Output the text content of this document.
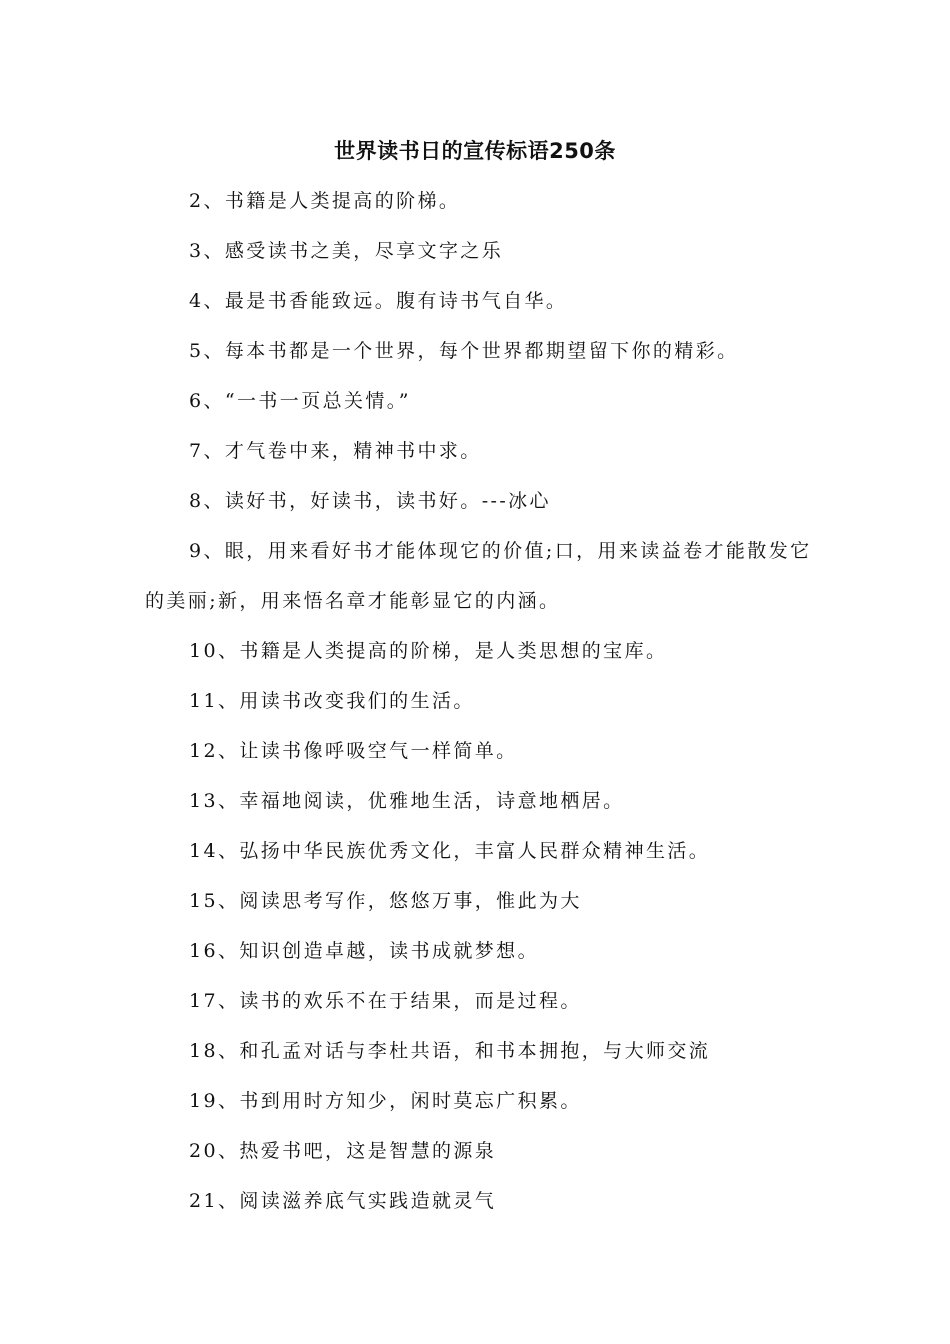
世界读书日的宣传标语250条

2、书籍是人类提高的阶梯。

3、感受读书之美，尽享文字之乐

4、最是书香能致远。腹有诗书气自华。

5、每本书都是一个世界，每个世界都期望留下你的精彩。

6、“一书一页总关情。”

7、才气卷中来，精神书中求。

8、读好书，好读书，读书好。---冰心

9、眼，用来看好书才能体现它的价值;口，用来读益卷才能散发它的美丽;新，用来悟名章才能彰显它的内涵。

10、书籍是人类提高的阶梯，是人类思想的宝库。

11、用读书改变我们的生活。

12、让读书像呼吸空气一样简单。

13、幸福地阅读，优雅地生活，诗意地栖居。

14、弘扬中华民族优秀文化，丰富人民群众精神生活。

15、阅读思考写作，悠悠万事，惟此为大

16、知识创造卓越，读书成就梦想。

17、读书的欢乐不在于结果，而是过程。

18、和孔孟对话与李杜共语，和书本拥抱，与大师交流

19、书到用时方知少，闲时莫忘广积累。

20、热爱书吧，这是智慧的源泉

21、阅读滋养底气实践造就灵气
